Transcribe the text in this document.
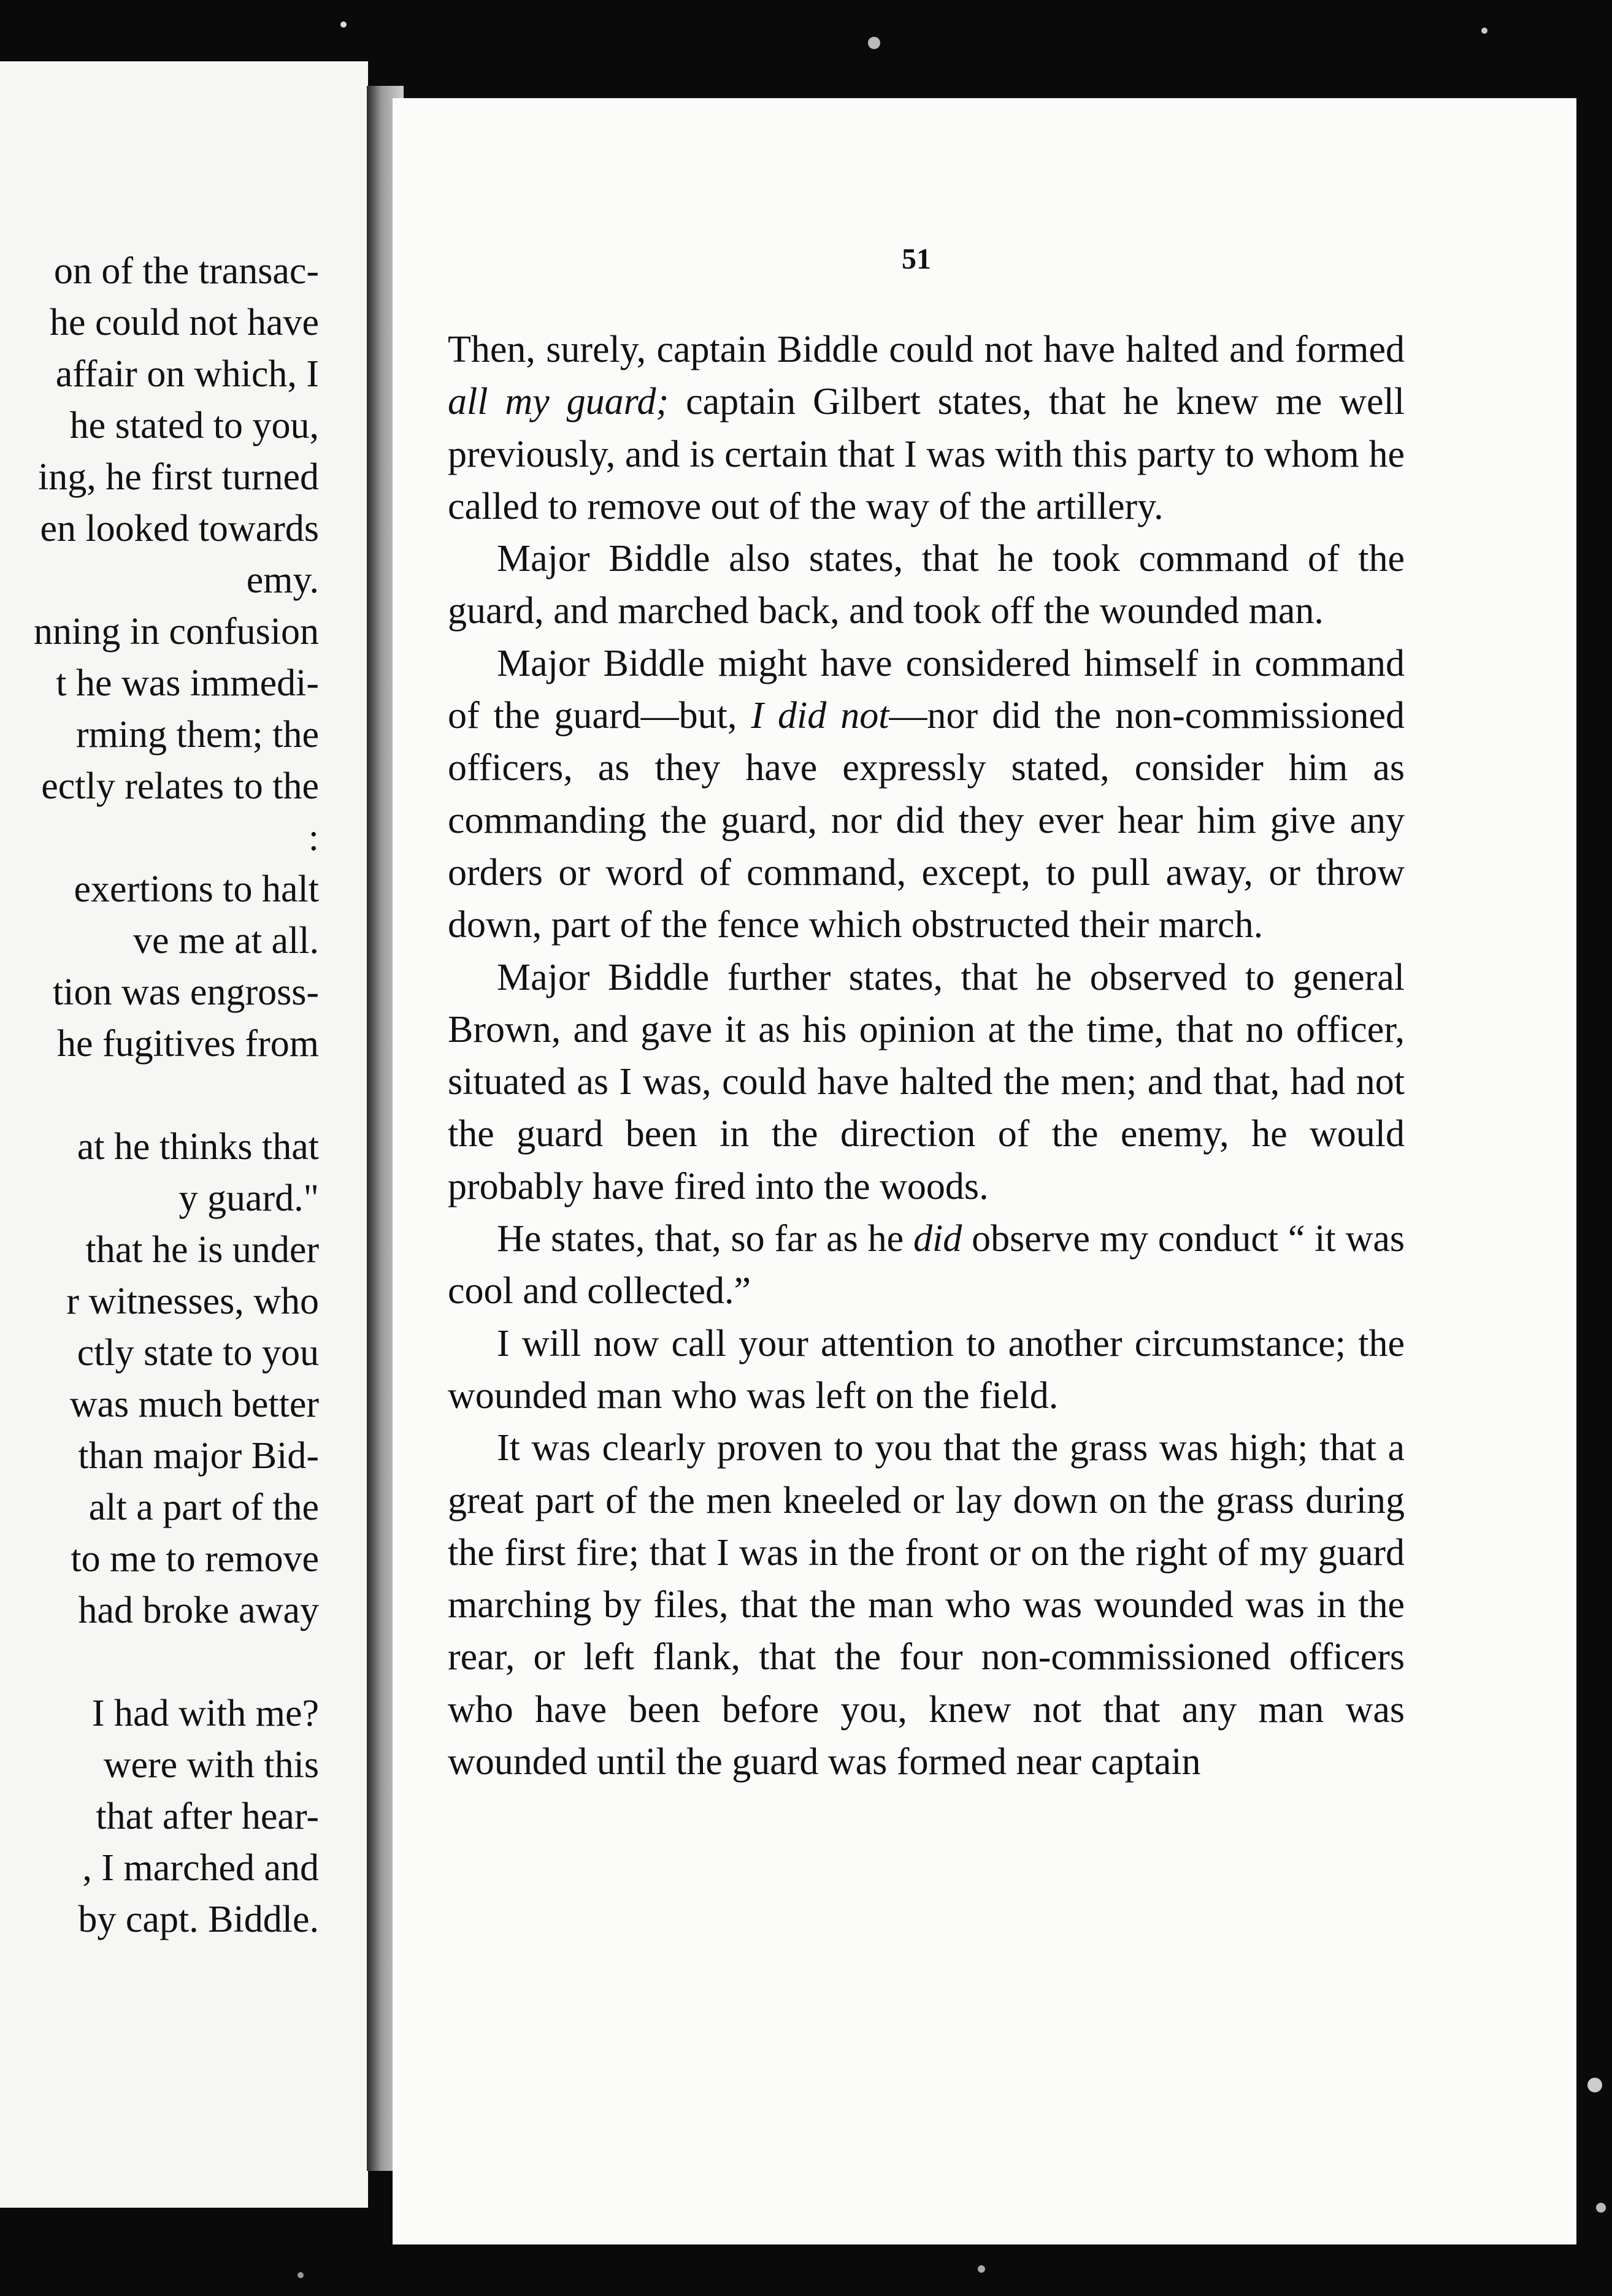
on of the transac-
he could not have
affair on which, I
he stated to you,
ing, he first turned
en looked towards
emy.
nning in confusion
t he was immedi-
rming them; the
ectly relates to the
:
exertions to halt
ve me at all.
tion was engross-
he fugitives from
at he thinks that
y guard."
that he is under
r witnesses, who
ctly state to you
was much better
than major Bid-
alt a part of the
to me to remove
had broke away
I had with me?
were with this
that after hear-
, I marched and
by capt. Biddle.
51

Then, surely, captain Biddle could not have halted and formed all my guard; captain Gilbert states, that he knew me well previously, and is certain that I was with this party to whom he called to remove out of the way of the artillery.

Major Biddle also states, that he took command of the guard, and marched back, and took off the wounded man.

Major Biddle might have considered himself in command of the guard—but, I did not—nor did the non-commissioned officers, as they have expressly stated, consider him as commanding the guard, nor did they ever hear him give any orders or word of command, except, to pull away, or throw down, part of the fence which obstructed their march.

Major Biddle further states, that he observed to general Brown, and gave it as his opinion at the time, that no officer, situated as I was, could have halted the men; and that, had not the guard been in the direction of the enemy, he would probably have fired into the woods.

He states, that, so far as he did observe my conduct “ it was cool and collected.”

I will now call your attention to another circumstance; the wounded man who was left on the field.

It was clearly proven to you that the grass was high; that a great part of the men kneeled or lay down on the grass during the first fire; that I was in the front or on the right of my guard marching by files, that the man who was wounded was in the rear, or left flank, that the four non-commissioned officers who have been before you, knew not that any man was wounded until the guard was formed near captain
